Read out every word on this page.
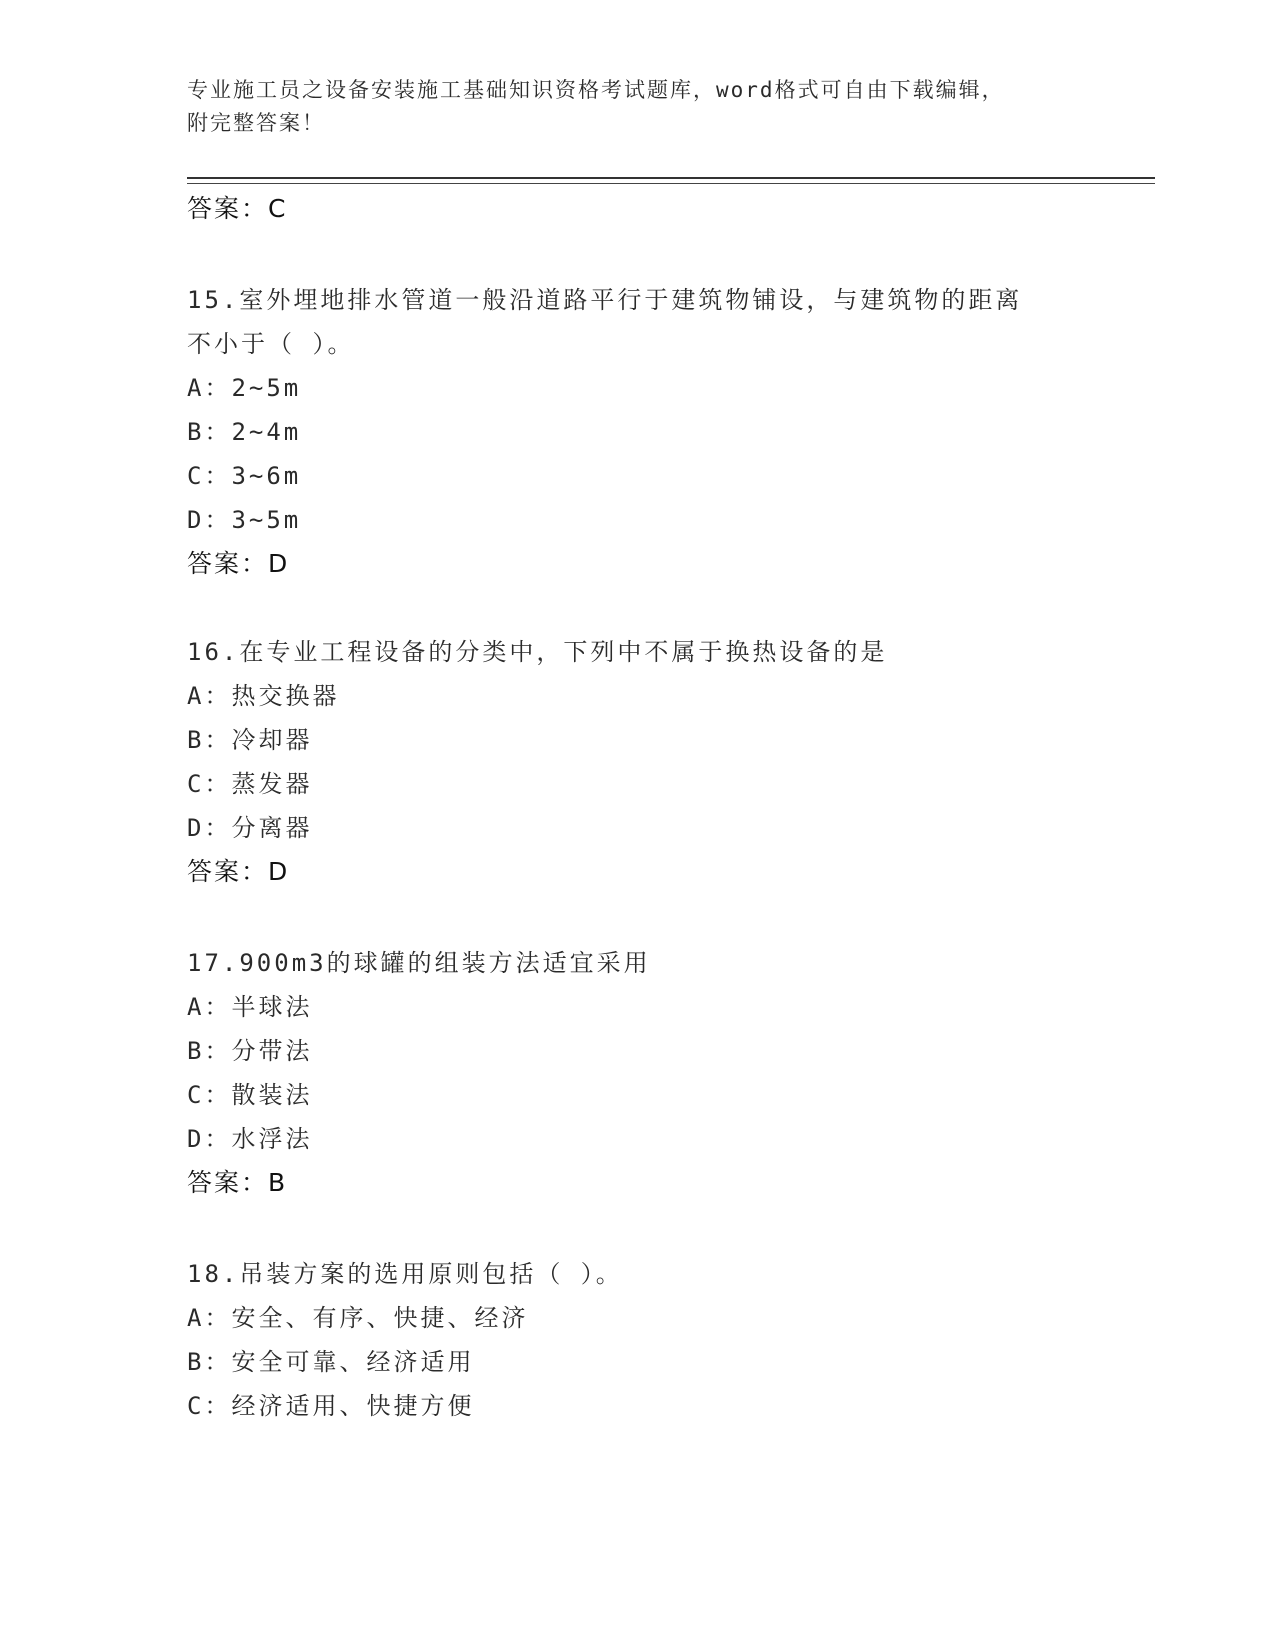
专业施工员之设备安装施工基础知识资格考试题库，word格式可自由下载编辑，
附完整答案！
答案：C
15.室外埋地排水管道一般沿道路平行于建筑物铺设，与建筑物的距离
不小于（ ）。
A：2~5m
B：2~4m
C：3~6m
D：3~5m
答案：D
16.在专业工程设备的分类中，下列中不属于换热设备的是
A：热交换器
B：冷却器
C：蒸发器
D：分离器
答案：D
17.900m3的球罐的组装方法适宜采用
A：半球法
B：分带法
C：散装法
D：水浮法
答案：B
18.吊装方案的选用原则包括（ ）。
A：安全、有序、快捷、经济
B：安全可靠、经济适用
C：经济适用、快捷方便
